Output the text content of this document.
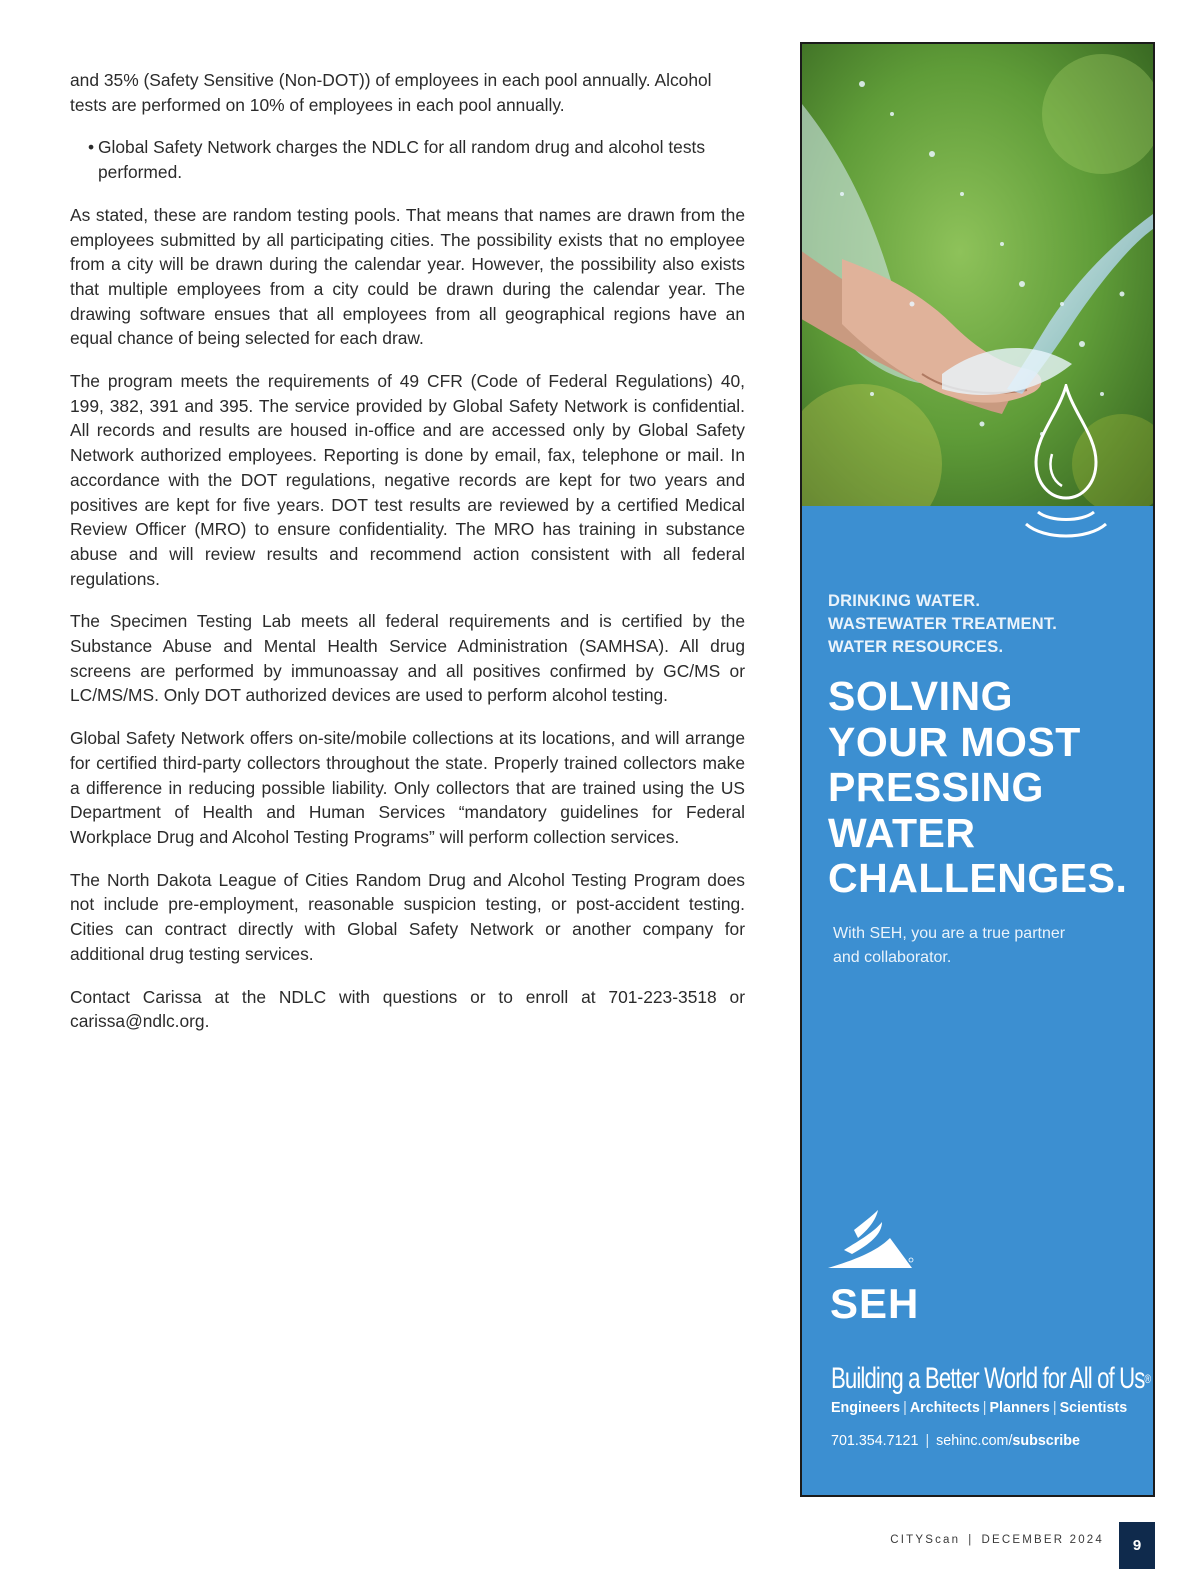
and 35% (Safety Sensitive (Non-DOT)) of employees in each pool annually. Alcohol tests are performed on 10% of employees in each pool annually.

• Global Safety Network charges the NDLC for all random drug and alcohol tests performed.

As stated, these are random testing pools. That means that names are drawn from the employees submitted by all participating cities. The possibility exists that no employee from a city will be drawn during the calendar year. However, the possibility also exists that multiple employees from a city could be drawn during the calendar year. The drawing software ensues that all employees from all geographical regions have an equal chance of being selected for each draw.

The program meets the requirements of 49 CFR (Code of Federal Regulations) 40, 199, 382, 391 and 395. The service provided by Global Safety Network is confidential. All records and results are housed in-office and are accessed only by Global Safety Network authorized employees. Reporting is done by email, fax, telephone or mail. In accordance with the DOT regulations, negative records are kept for two years and positives are kept for five years. DOT test results are reviewed by a certified Medical Review Officer (MRO) to ensure confidentiality. The MRO has training in substance abuse and will review results and recommend action consistent with all federal regulations.

The Specimen Testing Lab meets all federal requirements and is certified by the Substance Abuse and Mental Health Service Administration (SAMHSA). All drug screens are performed by immunoassay and all positives confirmed by GC/MS or LC/MS/MS. Only DOT authorized devices are used to perform alcohol testing.

Global Safety Network offers on-site/mobile collections at its locations, and will arrange for certified third-party collectors throughout the state. Properly trained collectors make a difference in reducing possible liability. Only collectors that are trained using the US Department of Health and Human Services “mandatory guidelines for Federal Workplace Drug and Alcohol Testing Programs” will perform collection services.

The North Dakota League of Cities Random Drug and Alcohol Testing Program does not include pre-employment, reasonable suspicion testing, or post-accident testing. Cities can contract directly with Global Safety Network or another company for additional drug testing services.

Contact Carissa at the NDLC with questions or to enroll at 701-223-3518 or carissa@ndlc.org.

DRINKING WATER.
WASTEWATER TREATMENT.
WATER RESOURCES.
SOLVING
YOUR MOST
PRESSING
WATER
CHALLENGES.
With SEH, you are a true partner
and collaborator.
SEH
Building a Better World for All of Us®
Engineers | Architects | Planners | Scientists
701.354.7121 | sehinc.com/subscribe
CITYScan | DECEMBER 2024	9
